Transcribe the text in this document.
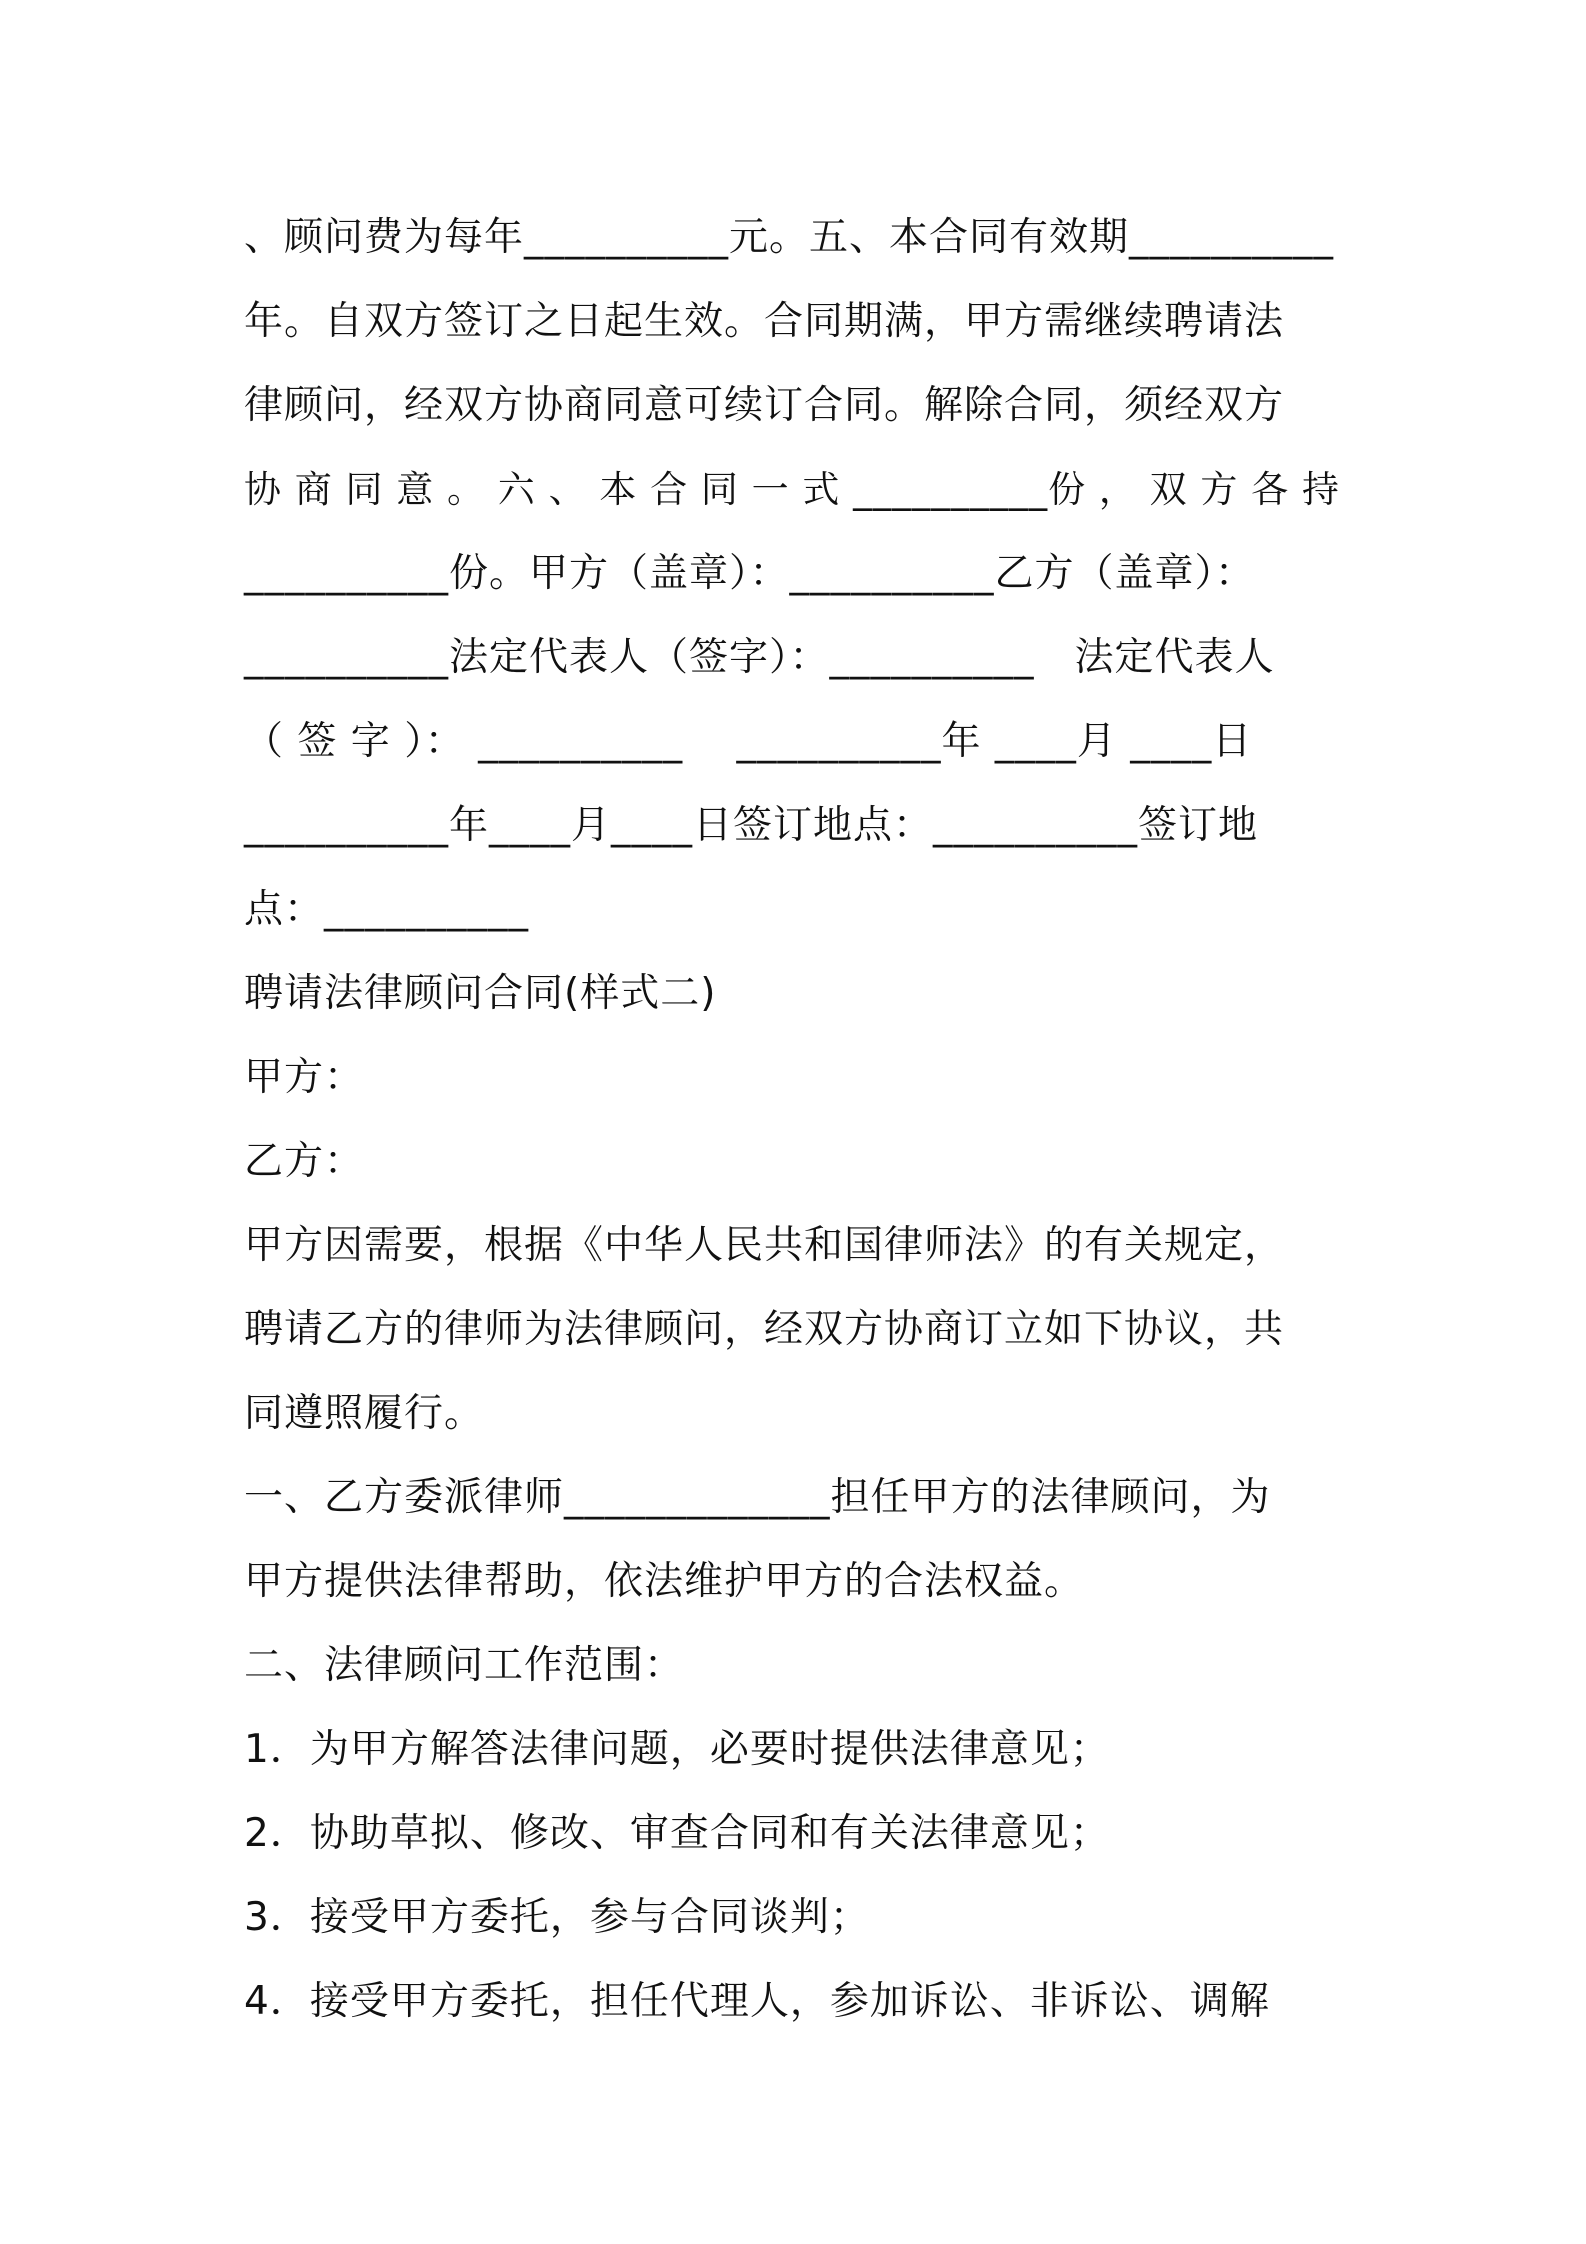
、顾问费为每年__________元。五、本合同有效期__________
年。自双方签订之日起生效。合同期满，甲方需继续聘请法
律顾问，经双方协商同意可续订合同。解除合同，须经双方
协 商 同 意 。 六 、 本 合 同 一 式 __________份 ， 双 方 各 持
__________份。甲方（盖章）：__________乙方（盖章）：
__________法定代表人（签字）：__________　法定代表人
（ 签 字 ）： __________　 __________年 ____月 ____日
__________年____月____日签订地点：__________签订地
点：__________
聘请法律顾问合同(样式二)
甲方：
乙方：
甲方因需要，根据《中华人民共和国律师法》的有关规定，
聘请乙方的律师为法律顾问，经双方协商订立如下协议，共
同遵照履行。
一、乙方委派律师_____________担任甲方的法律顾问，为
甲方提供法律帮助，依法维护甲方的合法权益。
二、法律顾问工作范围：
1．为甲方解答法律问题，必要时提供法律意见；
2．协助草拟、修改、审查合同和有关法律意见；
3．接受甲方委托，参与合同谈判；
4．接受甲方委托，担任代理人，参加诉讼、非诉讼、调解
